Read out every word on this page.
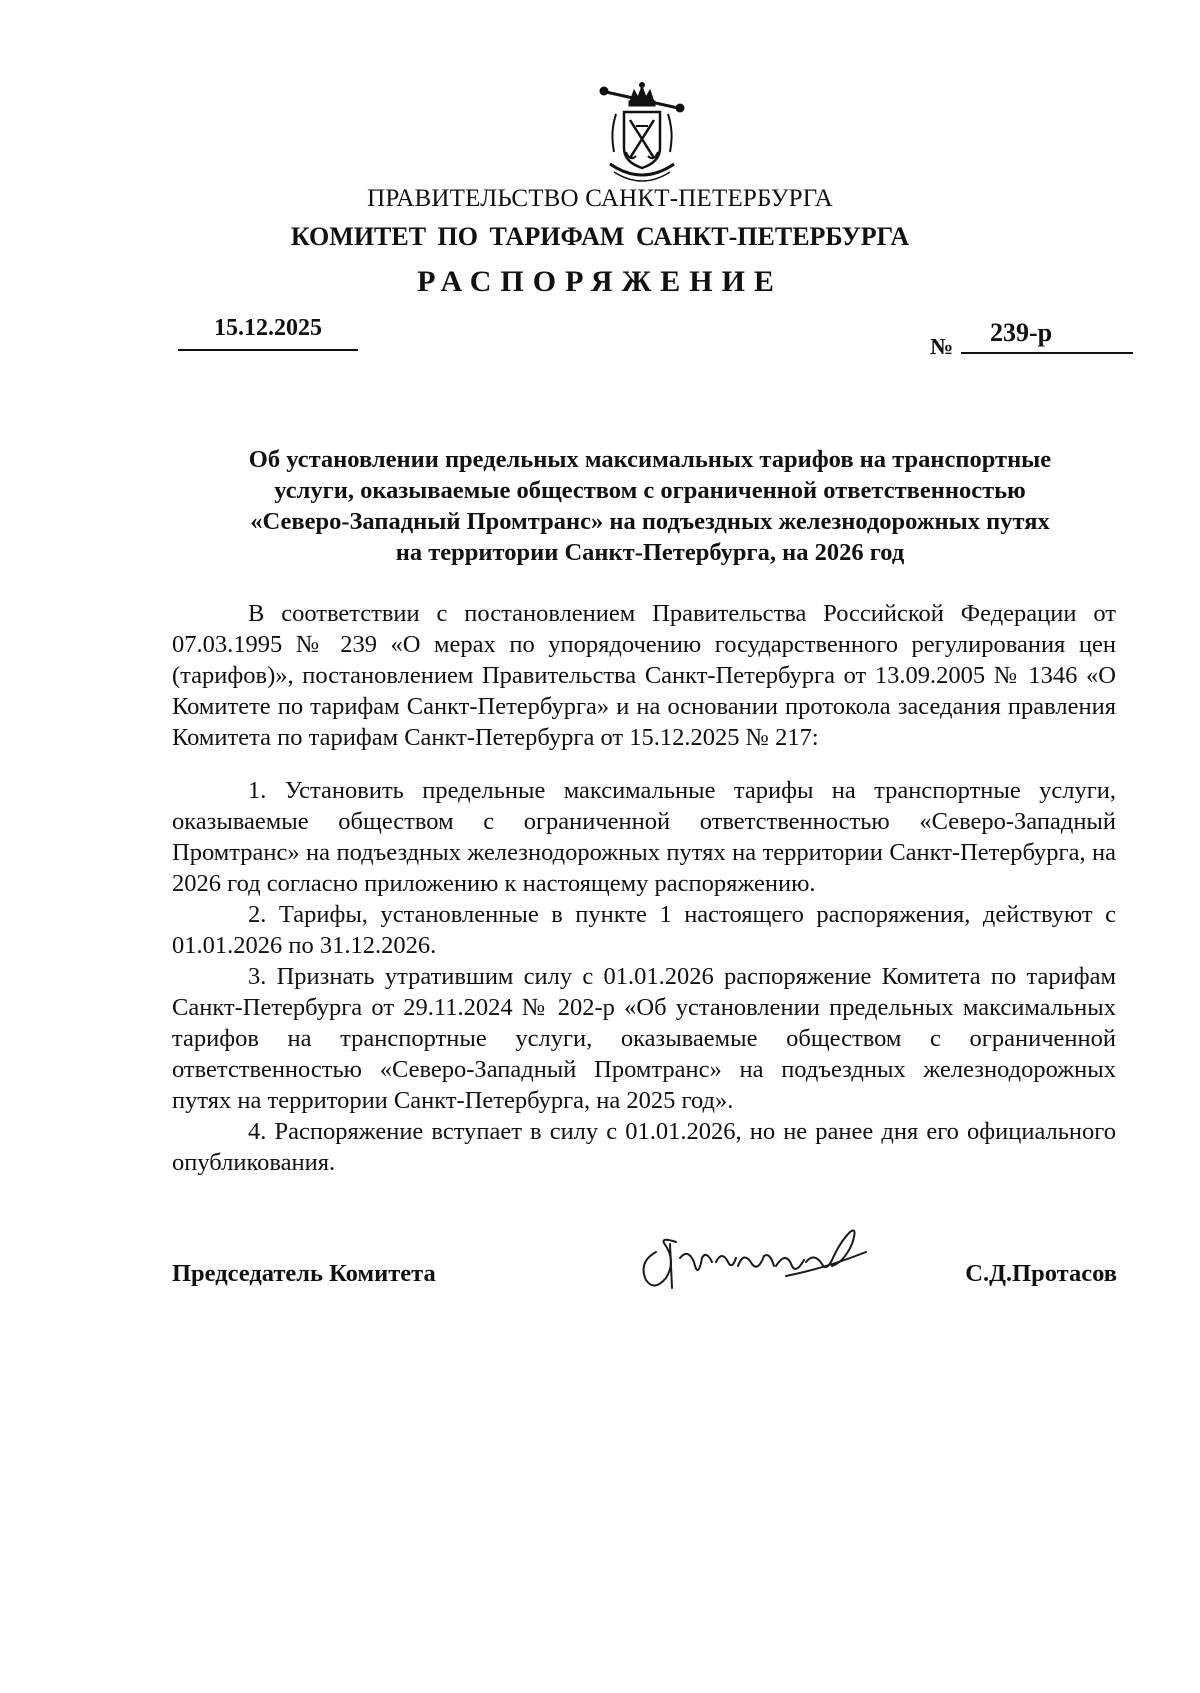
ПРАВИТЕЛЬСТВО САНКТ-ПЕТЕРБУРГА
КОМИТЕТ ПО ТАРИФАМ САНКТ-ПЕТЕРБУРГА
РАСПОРЯЖЕНИЕ
15.12.2025
№ 239-р
Об установлении предельных максимальных тарифов на транспортные
услуги, оказываемые обществом с ограниченной ответственностью
«Северо-Западный Промтранс» на подъездных железнодорожных путях
на территории Санкт-Петербурга, на 2026 год

В соответствии с постановлением Правительства Российской Федерации от 07.03.1995 № 239 «О мерах по упорядочению государственного регулирования цен (тарифов)», постановлением Правительства Санкт-Петербурга от 13.09.2005 № 1346 «О Комитете по тарифам Санкт-Петербурга» и на основании протокола заседания правления Комитета по тарифам Санкт-Петербурга от 15.12.2025 № 217:

1. Установить предельные максимальные тарифы на транспортные услуги, оказываемые обществом с ограниченной ответственностью «Северо-Западный Промтранс» на подъездных железнодорожных путях на территории Санкт-Петербурга, на 2026 год согласно приложению к настоящему распоряжению.

2. Тарифы, установленные в пункте 1 настоящего распоряжения, действуют с 01.01.2026 по 31.12.2026.

3. Признать утратившим силу с 01.01.2026 распоряжение Комитета по тарифам Санкт-Петербурга от 29.11.2024 № 202-р «Об установлении предельных максимальных тарифов на транспортные услуги, оказываемые обществом с ограниченной ответственностью «Северо-Западный Промтранс» на подъездных железнодорожных путях на территории Санкт-Петербурга, на 2025 год».

4. Распоряжение вступает в силу с 01.01.2026, но не ранее дня его официального опубликования.

Председатель Комитета	С.Д.Протасов
